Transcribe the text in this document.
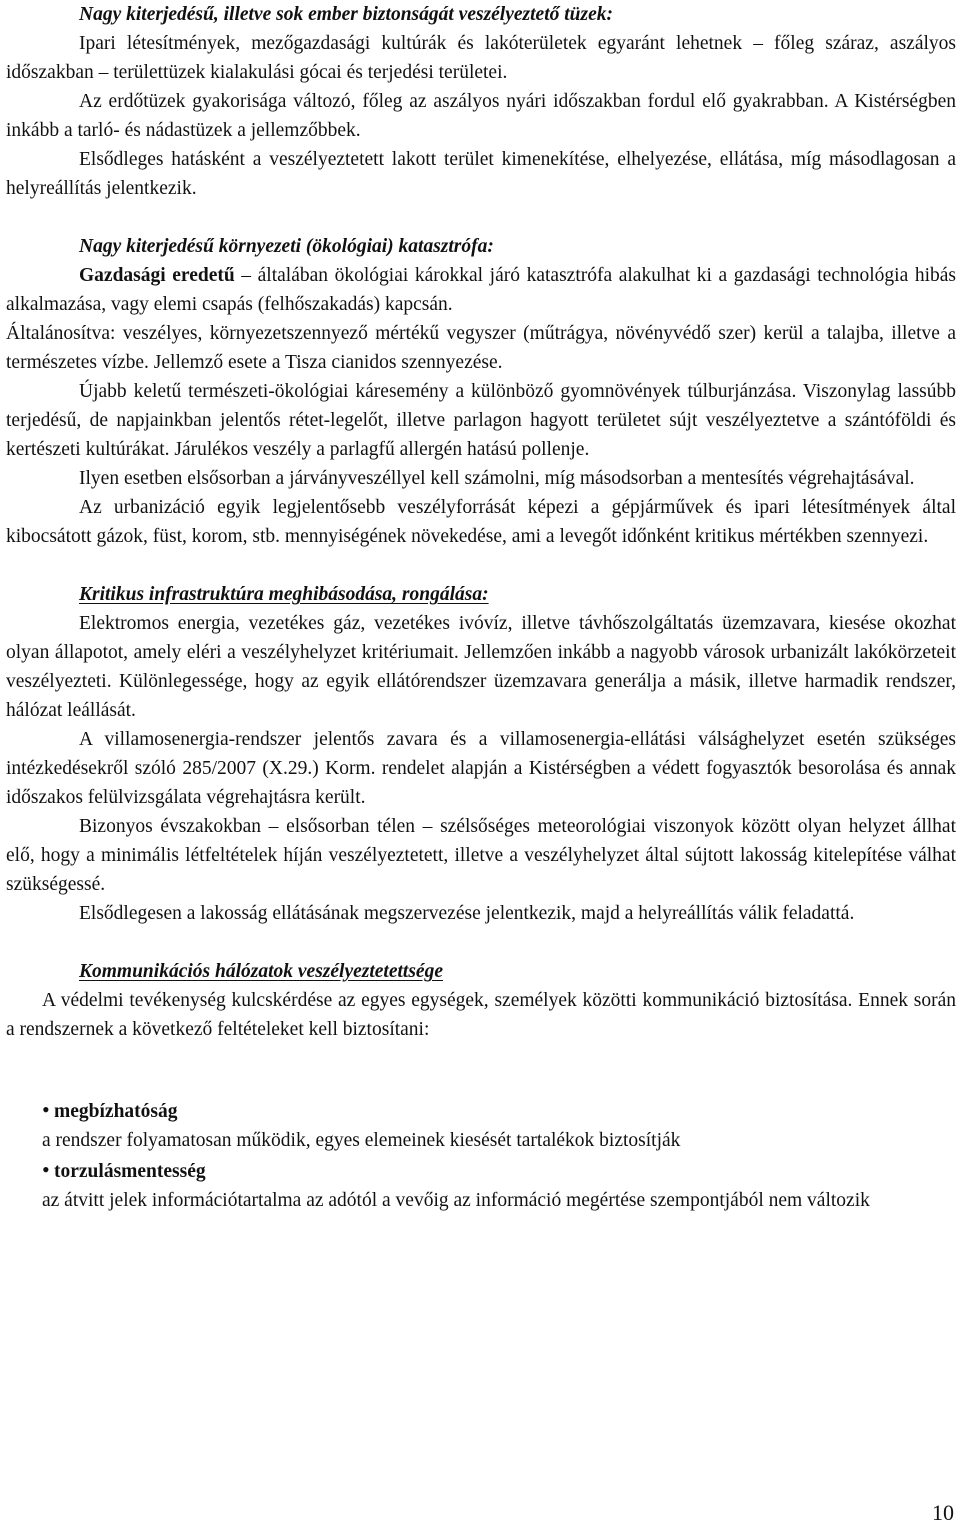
Nagy kiterjedésű, illetve sok ember biztonságát veszélyeztető tüzek:

Ipari létesítmények, mezőgazdasági kultúrák és lakóterületek egyaránt lehetnek – főleg száraz, aszályos időszakban – területtüzek kialakulási gócai és terjedési területei.

Az erdőtüzek gyakorisága változó, főleg az aszályos nyári időszakban fordul elő gyakrabban. A Kistérségben inkább a tarló- és nádastüzek a jellemzőbbek.

Elsődleges hatásként a veszélyeztetett lakott terület kimenekítése, elhelyezése, ellátása, míg másodlagosan a helyreállítás jelentkezik.

Nagy kiterjedésű környezeti (ökológiai) katasztrófa:

Gazdasági eredetű – általában ökológiai károkkal járó katasztrófa alakulhat ki a gazdasági technológia hibás alkalmazása, vagy elemi csapás (felhőszakadás) kapcsán.

Általánosítva: veszélyes, környezetszennyező mértékű vegyszer (műtrágya, növényvédő szer) kerül a talajba, illetve a természetes vízbe. Jellemző esete a Tisza cianidos szennyezése.

Újabb keletű természeti-ökológiai káresemény a különböző gyomnövények túlburjánzása. Viszonylag lassúbb terjedésű, de napjainkban jelentős rétet-legelőt, illetve parlagon hagyott területet sújt veszélyeztetve a szántóföldi és kertészeti kultúrákat. Járulékos veszély a parlagfű allergén hatású pollenje.

Ilyen esetben elsősorban a járványveszéllyel kell számolni, míg másodsorban a mentesítés végrehajtásával.

Az urbanizáció egyik legjelentősebb veszélyforrását képezi a gépjárművek és ipari létesítmények által kibocsátott gázok, füst, korom, stb. mennyiségének növekedése, ami a levegőt időnként kritikus mértékben szennyezi.

Kritikus infrastruktúra meghibásodása, rongálása:

Elektromos energia, vezetékes gáz, vezetékes ivóvíz, illetve távhőszolgáltatás üzemzavara, kiesése okozhat olyan állapotot, amely eléri a veszélyhelyzet kritériumait. Jellemzően inkább a nagyobb városok urbanizált lakókörzeteit veszélyezteti. Különlegessége, hogy az egyik ellátórendszer üzemzavara generálja a másik, illetve harmadik rendszer, hálózat leállását.

A villamosenergia-rendszer jelentős zavara és a villamosenergia-ellátási válsághelyzet esetén szükséges intézkedésekről szóló 285/2007 (X.29.) Korm. rendelet alapján a Kistérségben a védett fogyasztók besorolása és annak időszakos felülvizsgálata végrehajtásra került.

Bizonyos évszakokban – elsősorban télen – szélsőséges meteorológiai viszonyok között olyan helyzet állhat elő, hogy a minimális létfeltételek híján veszélyeztetett, illetve a veszélyhelyzet által sújtott lakosság kitelepítése válhat szükségessé.

Elsődlegesen a lakosság ellátásának megszervezése jelentkezik, majd a helyreállítás válik feladattá.

Kommunikációs hálózatok veszélyeztetettsége

A védelmi tevékenység kulcskérdése az egyes egységek, személyek közötti kommunikáció biztosítása. Ennek során a rendszernek a következő feltételeket kell biztosítani:

• megbízhatóság
a rendszer folyamatosan működik, egyes elemeinek kiesését tartalékok biztosítják
• torzulásmentesség
az átvitt jelek információtartalma az adótól a vevőig az információ megértése szempontjából nem változik
10
